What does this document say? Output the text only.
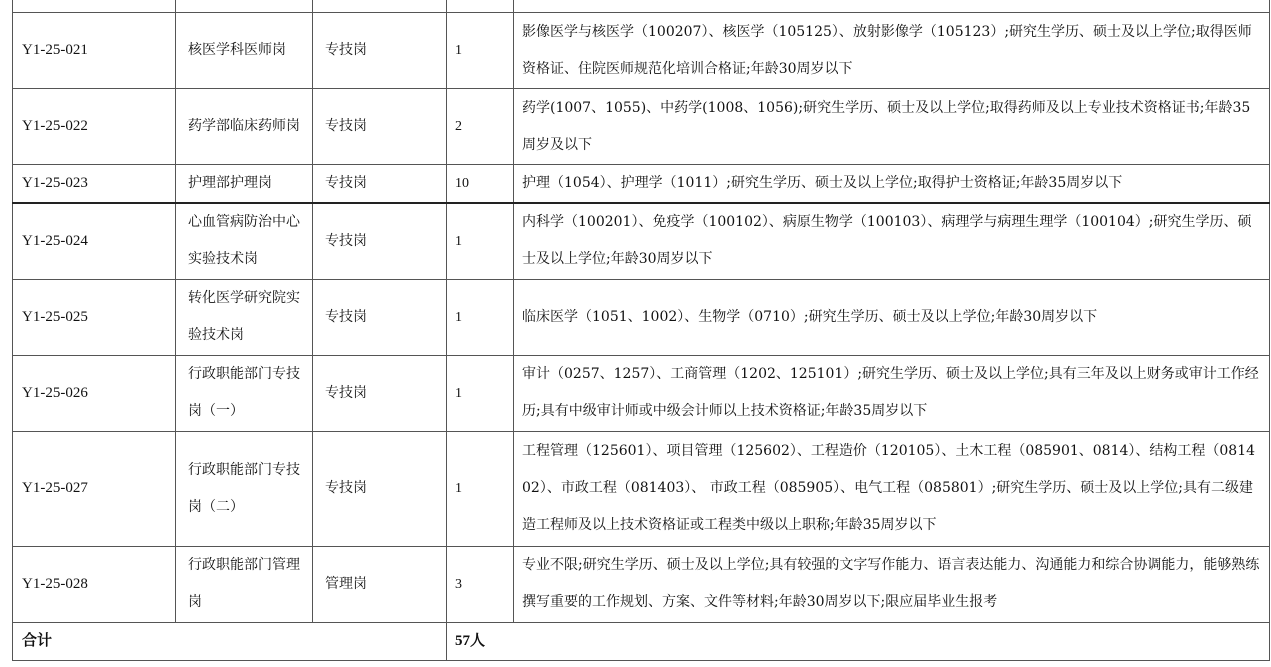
Y1-25-021	核医学科医师岗	专技岗	1	影像医学与核医学（100207）、核医学（105125）、放射影像学（105123）;研究生学历、硕士及以上学位;取得医师资格证、住院医师规范化培训合格证;年龄30周岁以下
Y1-25-022	药学部临床药师岗	专技岗	2	药学(1007、1055)、中药学(1008、1056);研究生学历、硕士及以上学位;取得药师及以上专业技术资格证书;年龄35周岁及以下
Y1-25-023	护理部护理岗	专技岗	10	护理（1054）、护理学（1011）;研究生学历、硕士及以上学位;取得护士资格证;年龄35周岁以下
Y1-25-024	心血管病防治中心实验技术岗	专技岗	1	内科学（100201）、免疫学（100102）、病原生物学（100103）、病理学与病理生理学（100104）;研究生学历、硕士及以上学位;年龄30周岁以下
Y1-25-025	转化医学研究院实验技术岗	专技岗	1	临床医学（1051、1002）、生物学（0710）;研究生学历、硕士及以上学位;年龄30周岁以下
Y1-25-026	行政职能部门专技岗（一）	专技岗	1	审计（0257、1257）、工商管理（1202、125101）;研究生学历、硕士及以上学位;具有三年及以上财务或审计工作经历;具有中级审计师或中级会计师以上技术资格证;年龄35周岁以下
Y1-25-027	行政职能部门专技岗（二）	专技岗	1	工程管理（125601）、项目管理（125602）、工程造价（120105）、土木工程（085901、0814）、结构工程（081402）、市政工程（081403）、 市政工程（085905）、电气工程（085801）;研究生学历、硕士及以上学位;具有二级建造工程师及以上技术资格证或工程类中级以上职称;年龄35周岁以下
Y1-25-028	行政职能部门管理岗	管理岗	3	专业不限;研究生学历、硕士及以上学位;具有较强的文字写作能力、语言表达能力、沟通能力和综合协调能力，能够熟练撰写重要的工作规划、方案、文件等材料;年龄30周岁以下;限应届毕业生报考
合计			57人	
